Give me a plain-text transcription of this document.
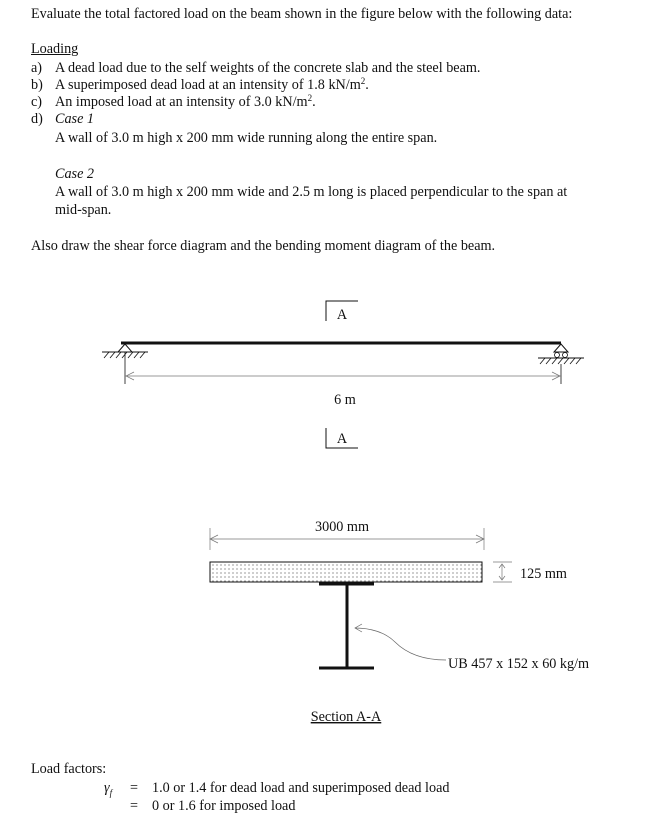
Evaluate the total factored load on the beam shown in the figure below with the following data:
Loading
a) A dead load due to the self weights of the concrete slab and the steel beam.
b) A superimposed dead load at an intensity of 1.8 $kN/m^2$.
c) An imposed load at an intensity of 3.0 $kN/m^2$.
d) Case 1
A wall of 3.0 m high x 200 mm wide running along the entire span.
Case 2
A wall of 3.0 m high x 200 mm wide and 2.5 m long is placed perpendicular to the span at
mid-span.
Also draw the shear force diagram and the bending moment diagram of the beam.
A
6 m
A
3000 mm
125 mm
UB 457 x 152 x 60 kg/m
Section A-A
Load factors:
$\gamma_f = 1.0$ or 1.4 for dead load and superimposed dead load
= 0 or 1.6 for imposed load
